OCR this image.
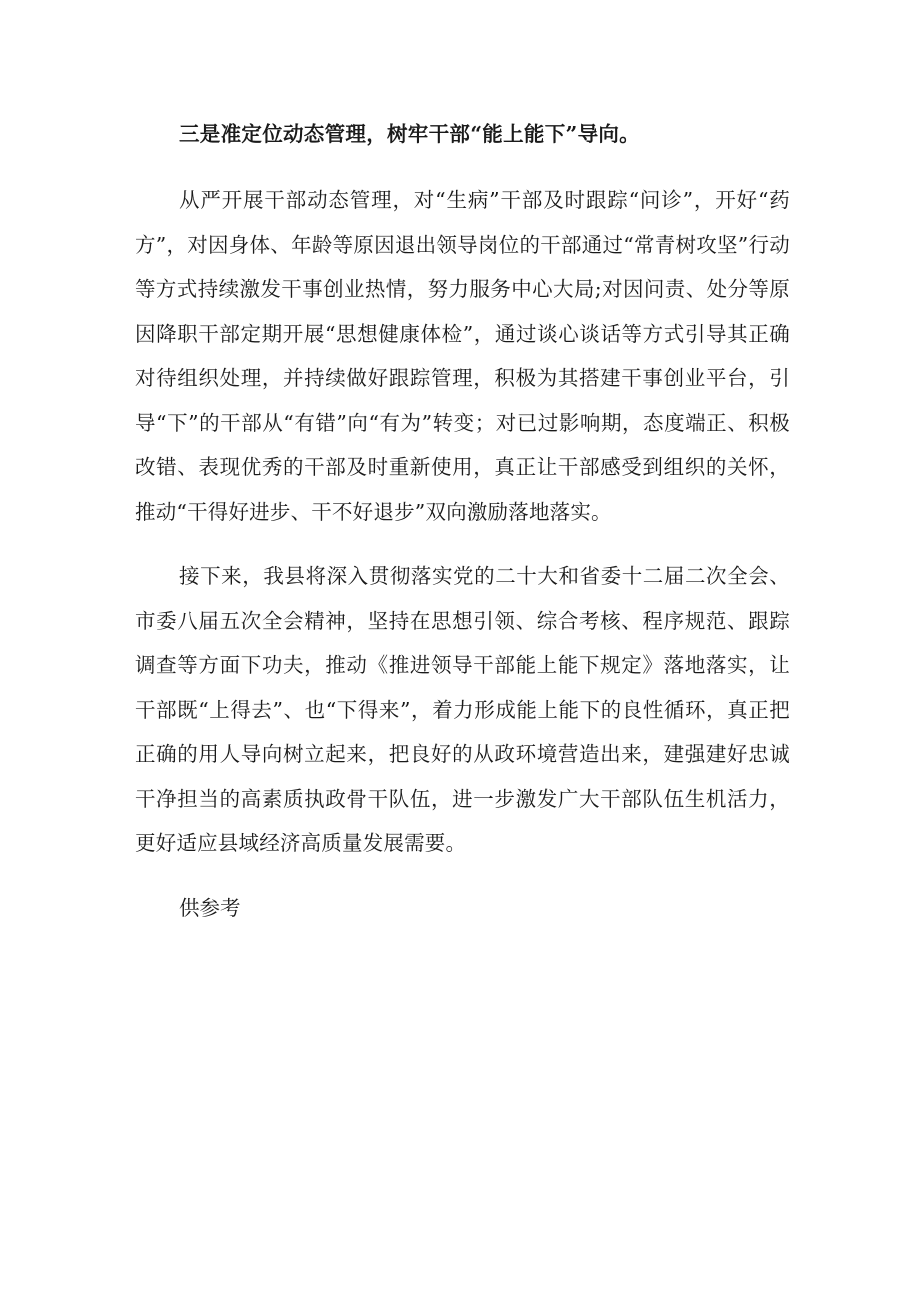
三是准定位动态管理，树牢干部“能上能下”导向。

从严开展干部动态管理，对“生病”干部及时跟踪“问诊”，开好“药方”，对因身体、年龄等原因退出领导岗位的干部通过“常青树攻坚”行动等方式持续激发干事创业热情，努力服务中心大局;对因问责、处分等原因降职干部定期开展“思想健康体检”，通过谈心谈话等方式引导其正确对待组织处理，并持续做好跟踪管理，积极为其搭建干事创业平台，引导“下”的干部从“有错”向“有为”转变；对已过影响期，态度端正、积极改错、表现优秀的干部及时重新使用，真正让干部感受到组织的关怀，推动“干得好进步、干不好退步”双向激励落地落实。

接下来，我县将深入贯彻落实党的二十大和省委十二届二次全会、市委八届五次全会精神，坚持在思想引领、综合考核、程序规范、跟踪调查等方面下功夫，推动《推进领导干部能上能下规定》落地落实，让干部既“上得去”、也“下得来”，着力形成能上能下的良性循环，真正把正确的用人导向树立起来，把良好的从政环境营造出来，建强建好忠诚干净担当的高素质执政骨干队伍，进一步激发广大干部队伍生机活力，更好适应县域经济高质量发展需要。

供参考
